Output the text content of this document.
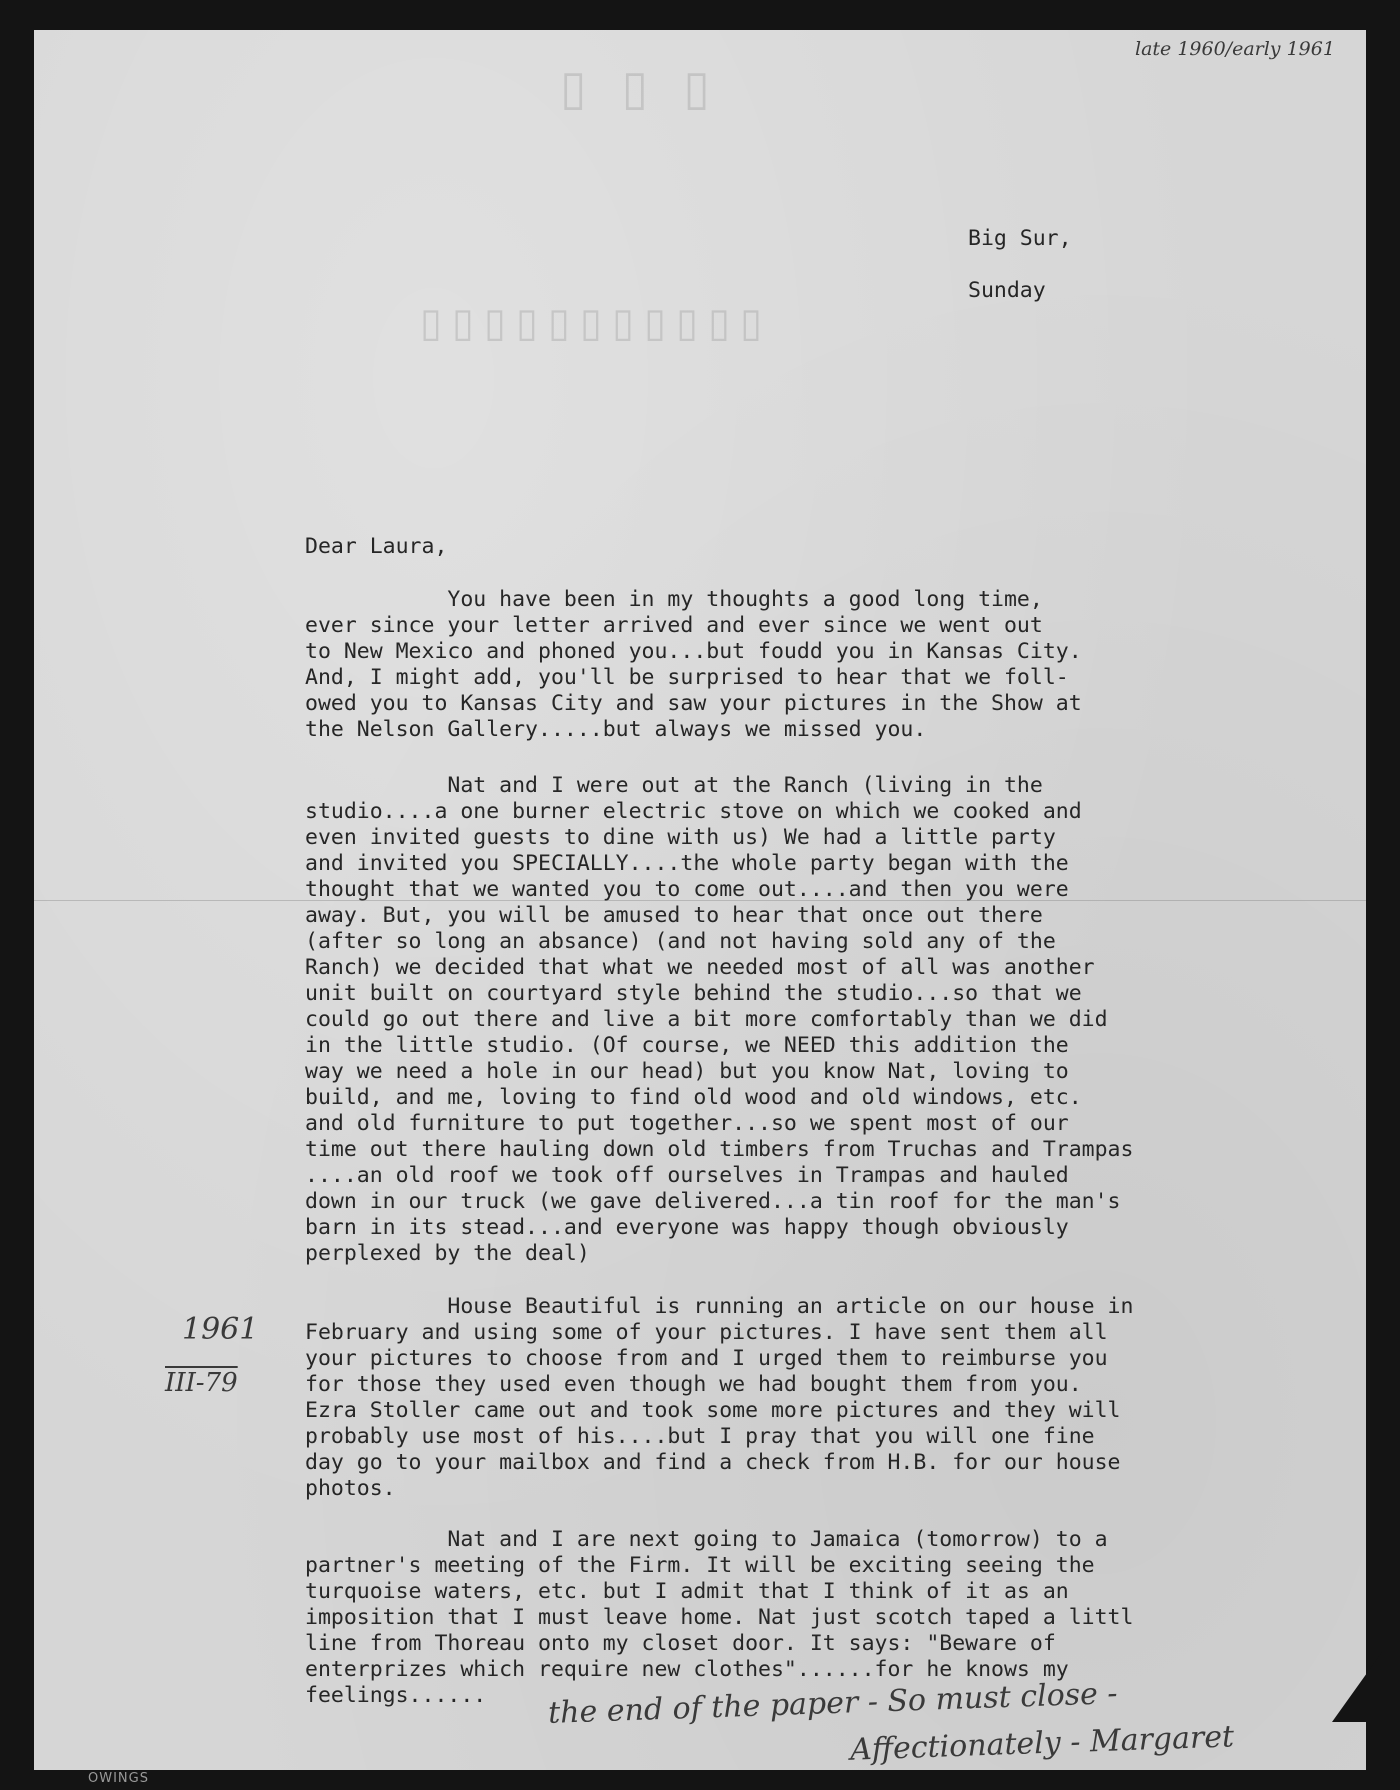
▯ ▯ ▯
▯▯▯▯▯▯▯▯▯▯▯
late 1960/early 1961
Big Sur,
Sunday
Dear Laura,
You have been in my thoughts a good long time,
ever since your letter arrived and ever since we went out
to New Mexico and phoned you...but foudd you in Kansas City.
And, I might add, you'll be surprised to hear that we foll-
owed you to Kansas City and saw your pictures in the Show at
the Nelson Gallery.....but always we missed you.
Nat and I were out at the Ranch (living in the
studio....a one burner electric stove on which we cooked and
even invited guests to dine with us) We had a little party
and invited you SPECIALLY....the whole party began with the
thought that we wanted you to come out....and then you were
away. But, you will be amused to hear that once out there
(after so long an absance) (and not having sold any of the
Ranch) we decided that what we needed most of all was another
unit built on courtyard style behind the studio...so that we
could go out there and live a bit more comfortably than we did
in the little studio. (Of course, we NEED this addition the
way we need a hole in our head) but you know Nat, loving to
build, and me, loving to find old wood and old windows, etc.
and old furniture to put together...so we spent most of our
time out there hauling down old timbers from Truchas and Trampas
....an old roof we took off ourselves in Trampas and hauled
down in our truck (we gave delivered...a tin roof for the man's
barn in its stead...and everyone was happy though obviously
perplexed by the deal)
House Beautiful is running an article on our house in
February and using some of your pictures. I have sent them all
your pictures to choose from and I urged them to reimburse you
for those they used even though we had bought them from you.
Ezra Stoller came out and took some more pictures and they will
probably use most of his....but I pray that you will one fine
day go to your mailbox and find a check from H.B. for our house
photos.
Nat and I are next going to Jamaica (tomorrow) to a
partner's meeting of the Firm. It will be exciting seeing the
turquoise waters, etc. but I admit that I think of it as an
imposition that I must leave home. Nat just scotch taped a littl
line from Thoreau onto my closet door. It says: "Beware of
enterprizes which require new clothes"......for he knows my
feelings......
1961
III-79
the end of the paper - So must close -
Affectionately - Margaret
OWINGS
